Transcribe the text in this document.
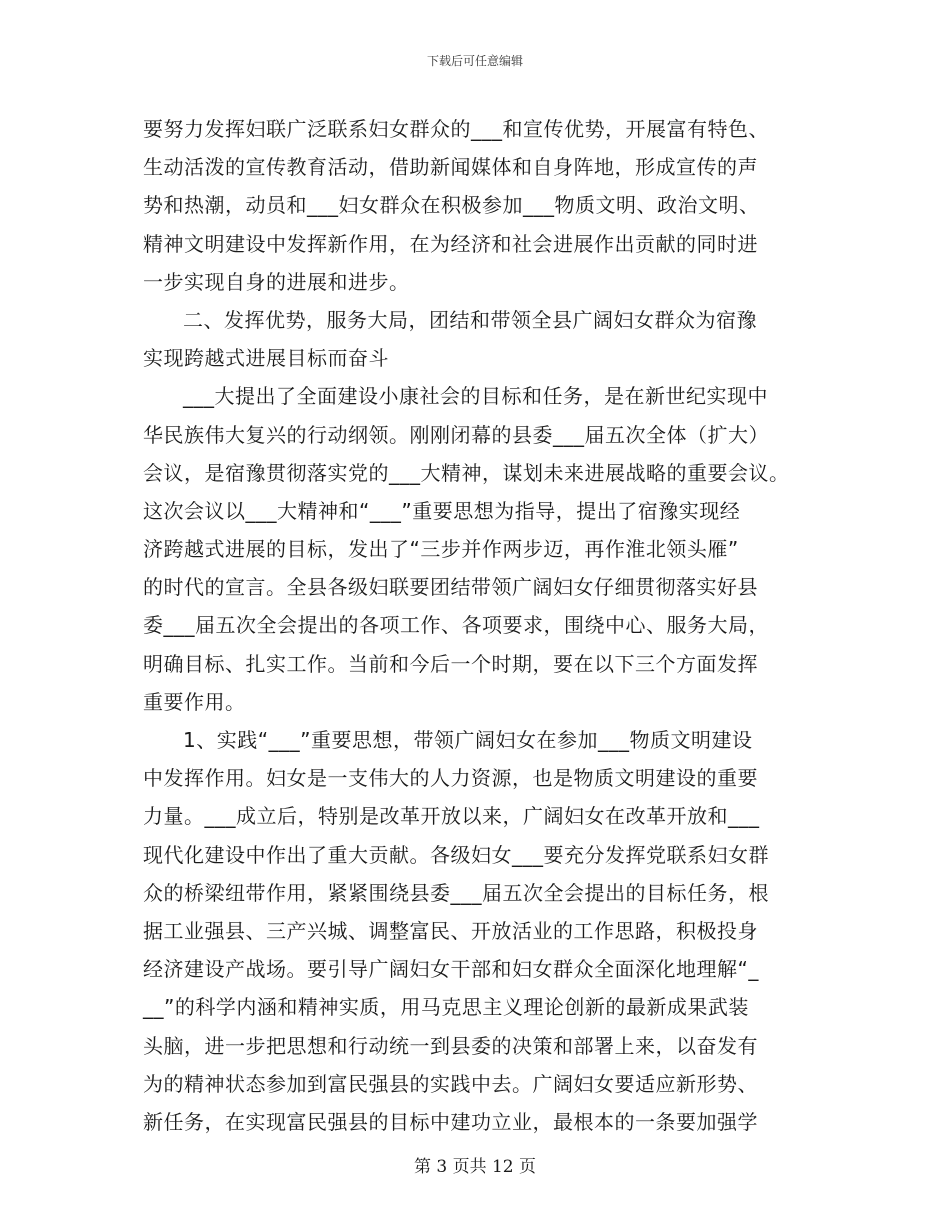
下载后可任意编辑
要努力发挥妇联广泛联系妇女群众的___和宣传优势，开展富有特色、
生动活泼的宣传教育活动，借助新闻媒体和自身阵地，形成宣传的声
势和热潮，动员和___妇女群众在积极参加___物质文明、政治文明、
精神文明建设中发挥新作用，在为经济和社会进展作出贡献的同时进
一步实现自身的进展和进步。
二、发挥优势，服务大局，团结和带领全县广阔妇女群众为宿豫
实现跨越式进展目标而奋斗
___大提出了全面建设小康社会的目标和任务，是在新世纪实现中
华民族伟大复兴的行动纲领。刚刚闭幕的县委___届五次全体（扩大）
会议，是宿豫贯彻落实党的___大精神，谋划未来进展战略的重要会议。
这次会议以___大精神和“___”重要思想为指导，提出了宿豫实现经
济跨越式进展的目标，发出了“三步并作两步迈，再作淮北领头雁”
的时代的宣言。全县各级妇联要团结带领广阔妇女仔细贯彻落实好县
委___届五次全会提出的各项工作、各项要求，围绕中心、服务大局，
明确目标、扎实工作。当前和今后一个时期，要在以下三个方面发挥
重要作用。
1、实践“___”重要思想，带领广阔妇女在参加___物质文明建设
中发挥作用。妇女是一支伟大的人力资源，也是物质文明建设的重要
力量。___成立后，特别是改革开放以来，广阔妇女在改革开放和___
现代化建设中作出了重大贡献。各级妇女___要充分发挥党联系妇女群
众的桥梁纽带作用，紧紧围绕县委___届五次全会提出的目标任务，根
据工业强县、三产兴城、调整富民、开放活业的工作思路，积极投身
经济建设产战场。要引导广阔妇女干部和妇女群众全面深化地理解“_
__”的科学内涵和精神实质，用马克思主义理论创新的最新成果武装
头脑，进一步把思想和行动统一到县委的决策和部署上来，以奋发有
为的精神状态参加到富民强县的实践中去。广阔妇女要适应新形势、
新任务，在实现富民强县的目标中建功立业，最根本的一条要加强学
第 3 页共 12 页
